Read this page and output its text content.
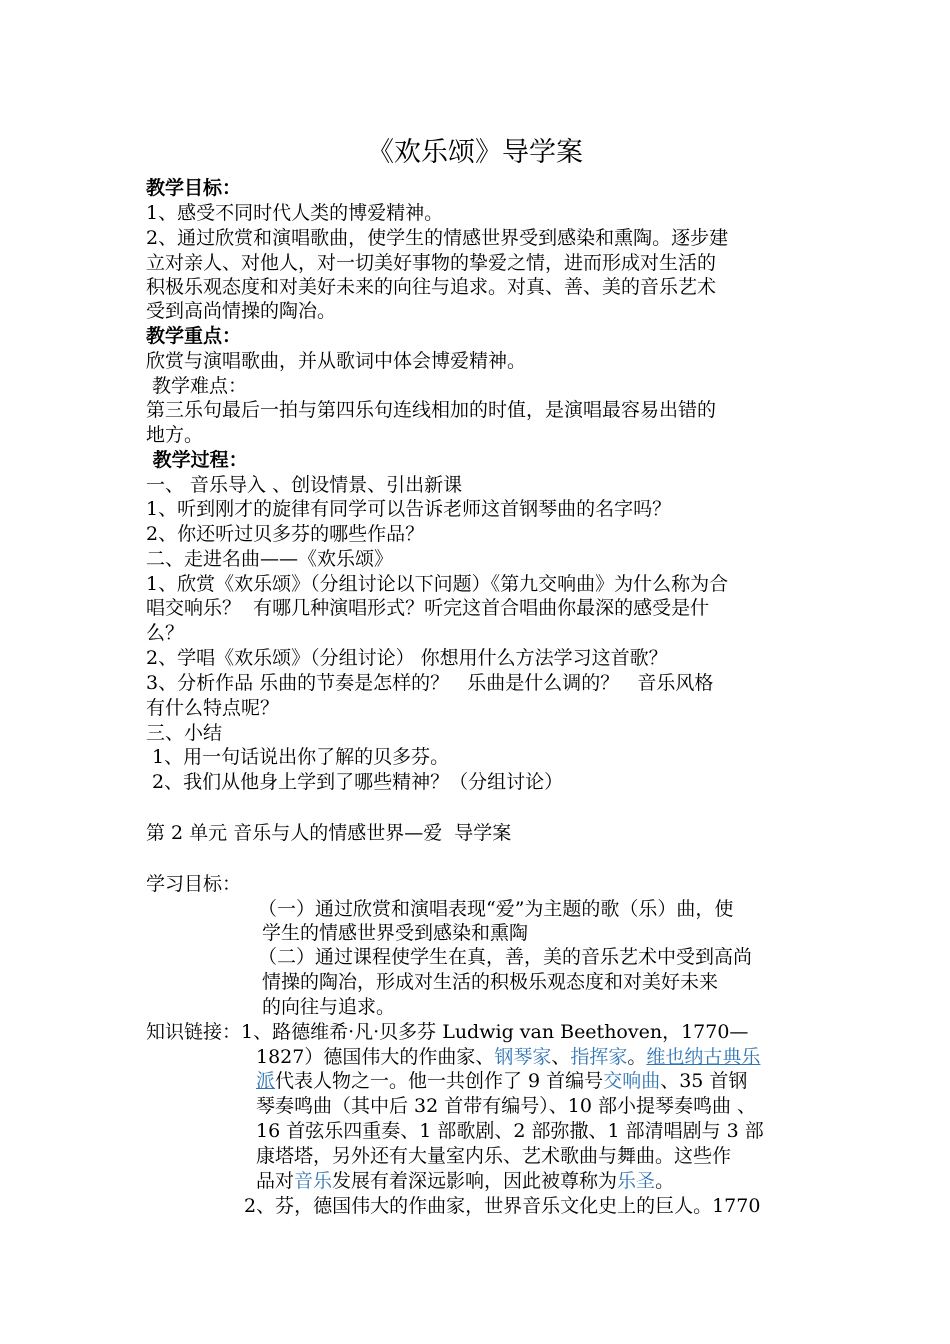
《欢乐颂》导学案
教学目标：
1、感受不同时代人类的博爱精神。
2、通过欣赏和演唱歌曲，使学生的情感世界受到感染和熏陶。逐步建
立对亲人、对他人，对一切美好事物的挚爱之情，进而形成对生活的
积极乐观态度和对美好未来的向往与追求。对真、善、美的音乐艺术
受到高尚情操的陶冶。
教学重点：
欣赏与演唱歌曲，并从歌词中体会博爱精神。
教学难点：
第三乐句最后一拍与第四乐句连线相加的时值，是演唱最容易出错的
地方。
教学过程：
一、 音乐导入 、创设情景、引出新课
1、听到刚才的旋律有同学可以告诉老师这首钢琴曲的名字吗？
2、你还听过贝多芬的哪些作品？
二、走进名曲——《欢乐颂》
1、欣赏《欢乐颂》（分组讨论以下问题）《第九交响曲》为什么称为合
唱交响乐？  有哪几种演唱形式？听完这首合唱曲你最深的感受是什
么？
2、学唱《欢乐颂》（分组讨论） 你想用什么方法学习这首歌？
3、分析作品 乐曲的节奏是怎样的？   乐曲是什么调的？   音乐风格
有什么特点呢？
三、小结
1、用一句话说出你了解的贝多芬。
2、我们从他身上学到了哪些精神？（分组讨论）
第 2 单元 音乐与人的情感世界—爱  导学案
学习目标：
（一）通过欣赏和演唱表现“爱”为主题的歌（乐）曲，使
学生的情感世界受到感染和熏陶
（二）通过课程使学生在真，善，美的音乐艺术中受到高尚
情操的陶冶，形成对生活的积极乐观态度和对美好未来
的向往与追求。
知识链接：1、路德维希·凡·贝多芬 Ludwig van Beethoven，1770—
1827）德国伟大的作曲家、钢琴家、指挥家。维也纳古典乐
派代表人物之一。他一共创作了 9 首编号交响曲、35 首钢
琴奏鸣曲（其中后 32 首带有编号）、10 部小提琴奏鸣曲 、
16 首弦乐四重奏、1 部歌剧、2 部弥撒、1 部清唱剧与 3 部
康塔塔，另外还有大量室内乐、艺术歌曲与舞曲。这些作
品对音乐发展有着深远影响，因此被尊称为乐圣。
2、芬，德国伟大的作曲家，世界音乐文化史上的巨人。1770
